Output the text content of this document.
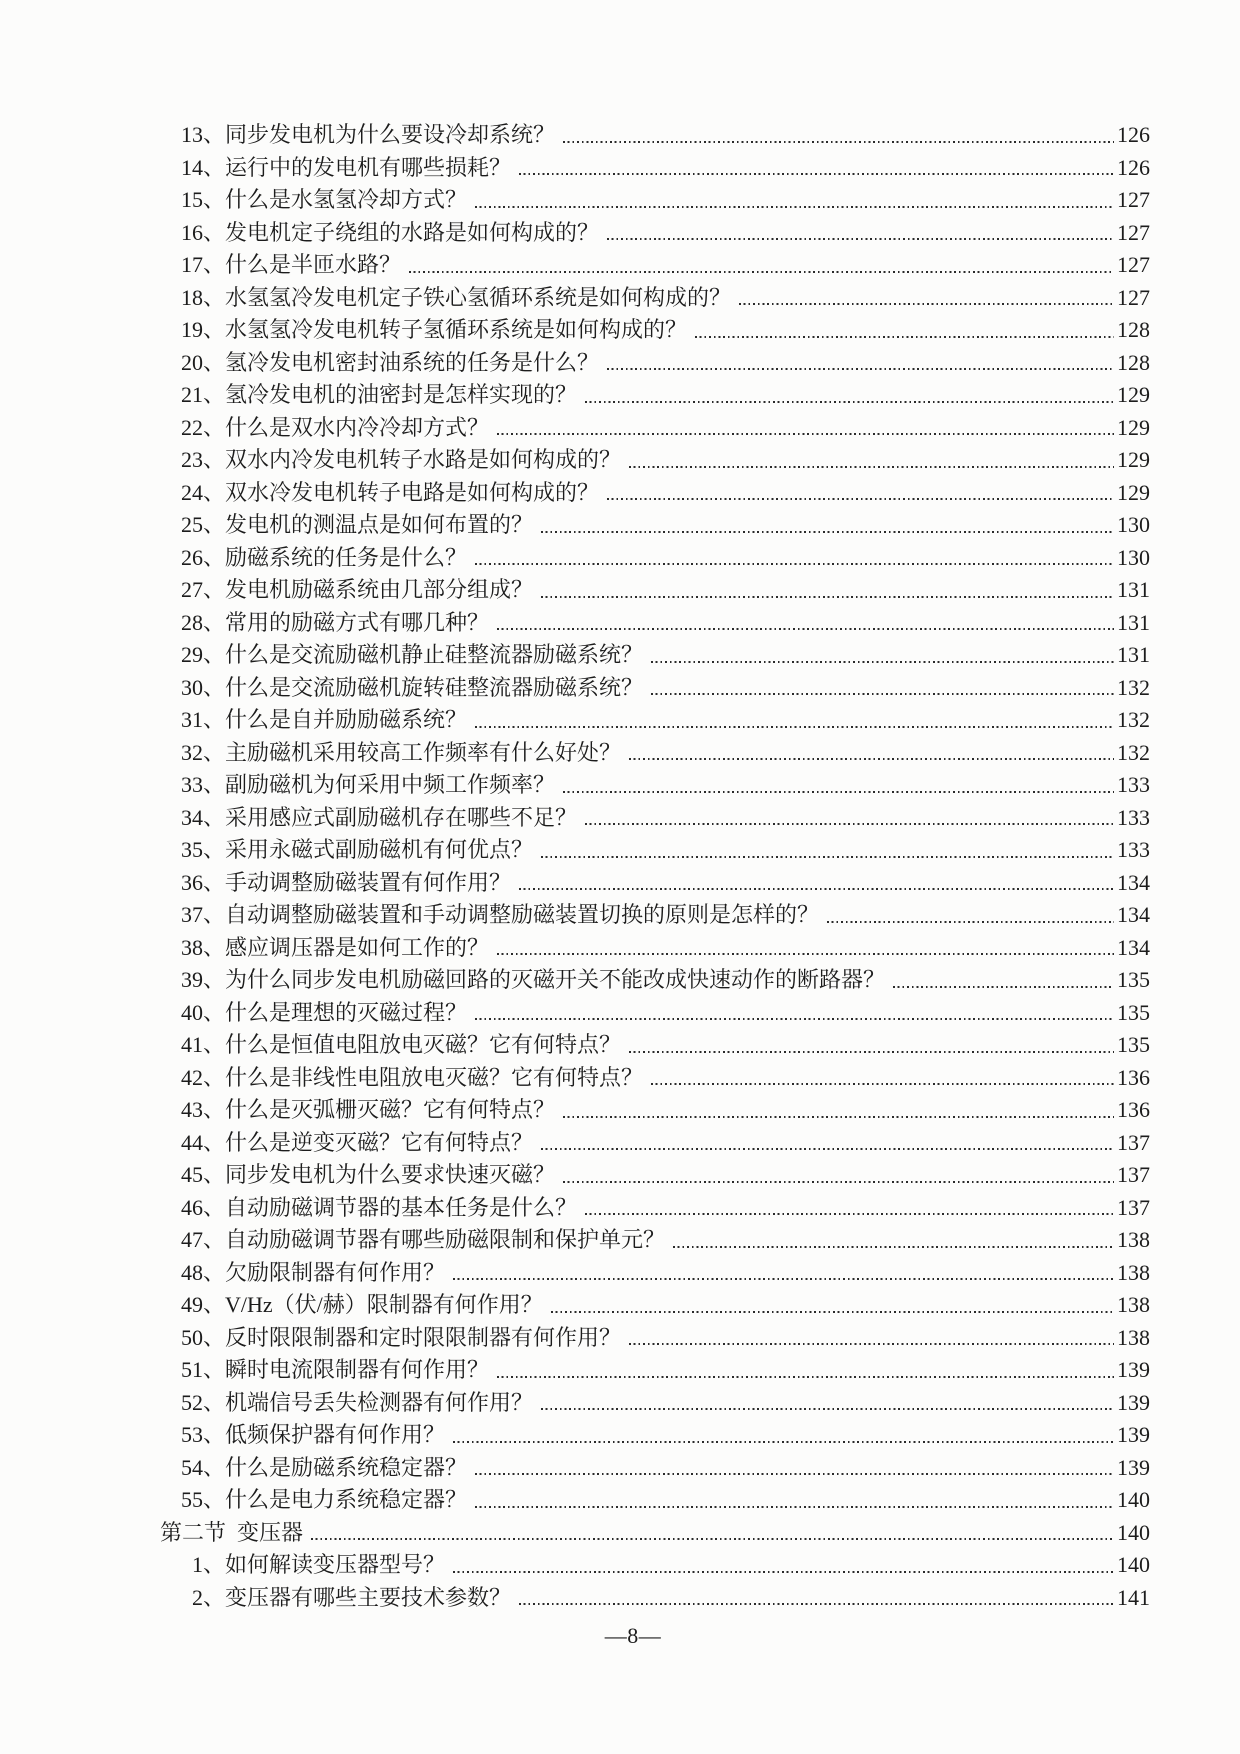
13、 同步发电机为什么要设冷却系统？	126
14、 运行中的发电机有哪些损耗？	126
15、 什么是水氢氢冷却方式？	127
16、 发电机定子绕组的水路是如何构成的？	127
17、 什么是半匝水路？	127
18、 水氢氢冷发电机定子铁心氢循环系统是如何构成的？	127
19、 水氢氢冷发电机转子氢循环系统是如何构成的？	128
20、 氢冷发电机密封油系统的任务是什么？	128
21、 氢冷发电机的油密封是怎样实现的？	129
22、 什么是双水内冷冷却方式？	129
23、 双水内冷发电机转子水路是如何构成的？	129
24、 双水冷发电机转子电路是如何构成的？	129
25、 发电机的测温点是如何布置的？	130
26、 励磁系统的任务是什么？	130
27、 发电机励磁系统由几部分组成？	131
28、 常用的励磁方式有哪几种？	131
29、 什么是交流励磁机静止硅整流器励磁系统？	131
30、 什么是交流励磁机旋转硅整流器励磁系统？	132
31、 什么是自并励励磁系统？	132
32、 主励磁机采用较高工作频率有什么好处？	132
33、 副励磁机为何采用中频工作频率？	133
34、 采用感应式副励磁机存在哪些不足？	133
35、 采用永磁式副励磁机有何优点？	133
36、 手动调整励磁装置有何作用？	134
37、 自动调整励磁装置和手动调整励磁装置切换的原则是怎样的？	134
38、 感应调压器是如何工作的？	134
39、 为什么同步发电机励磁回路的灭磁开关不能改成快速动作的断路器？	135
40、 什么是理想的灭磁过程？	135
41、 什么是恒值电阻放电灭磁？它有何特点？	135
42、 什么是非线性电阻放电灭磁？它有何特点？	136
43、 什么是灭弧栅灭磁？它有何特点？	136
44、 什么是逆变灭磁？它有何特点？	137
45、 同步发电机为什么要求快速灭磁？	137
46、 自动励磁调节器的基本任务是什么？	137
47、 自动励磁调节器有哪些励磁限制和保护单元？	138
48、 欠励限制器有何作用？	138
49、 V/Hz（伏/赫）限制器有何作用？	138
50、 反时限限制器和定时限限制器有何作用？	138
51、 瞬时电流限制器有何作用？	139
52、 机端信号丢失检测器有何作用？	139
53、 低频保护器有何作用？	139
54、 什么是励磁系统稳定器？	139
55、 什么是电力系统稳定器？	140
第二节 变压器	140
1、 如何解读变压器型号？	140
2、 变压器有哪些主要技术参数？	141
—8—
